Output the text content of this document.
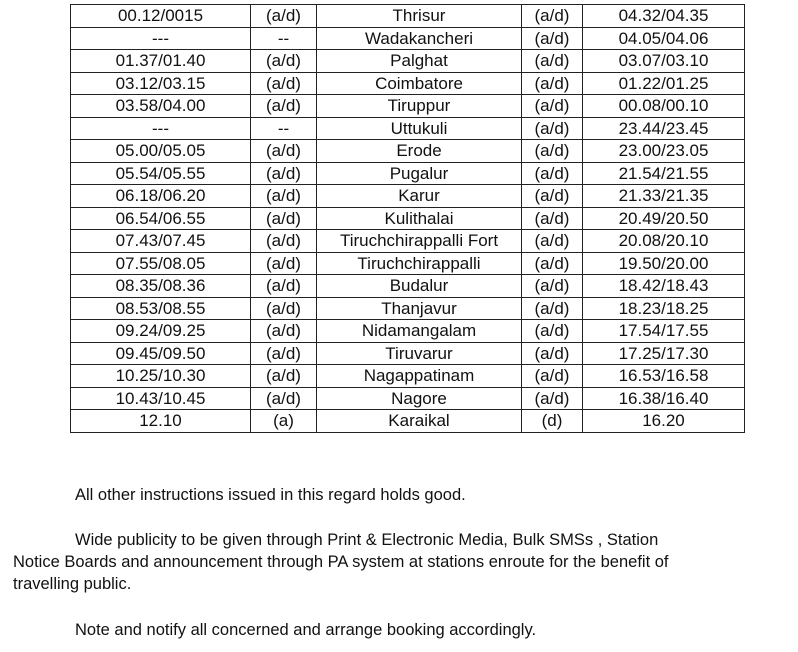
00.12/0015	(a/d)	Thrisur	(a/d)	04.32/04.35
---	--	Wadakancheri	(a/d)	04.05/04.06
01.37/01.40	(a/d)	Palghat	(a/d)	03.07/03.10
03.12/03.15	(a/d)	Coimbatore	(a/d)	01.22/01.25
03.58/04.00	(a/d)	Tiruppur	(a/d)	00.08/00.10
---	--	Uttukuli	(a/d)	23.44/23.45
05.00/05.05	(a/d)	Erode	(a/d)	23.00/23.05
05.54/05.55	(a/d)	Pugalur	(a/d)	21.54/21.55
06.18/06.20	(a/d)	Karur	(a/d)	21.33/21.35
06.54/06.55	(a/d)	Kulithalai	(a/d)	20.49/20.50
07.43/07.45	(a/d)	Tiruchchirappalli Fort	(a/d)	20.08/20.10
07.55/08.05	(a/d)	Tiruchchirappalli	(a/d)	19.50/20.00
08.35/08.36	(a/d)	Budalur	(a/d)	18.42/18.43
08.53/08.55	(a/d)	Thanjavur	(a/d)	18.23/18.25
09.24/09.25	(a/d)	Nidamangalam	(a/d)	17.54/17.55
09.45/09.50	(a/d)	Tiruvarur	(a/d)	17.25/17.30
10.25/10.30	(a/d)	Nagappatinam	(a/d)	16.53/16.58
10.43/10.45	(a/d)	Nagore	(a/d)	16.38/16.40
12.10	(a)	Karaikal	(d)	16.20

All other instructions issued in this regard holds good.

Wide publicity to be given through Print & Electronic Media, Bulk SMSs , Station
Notice Boards and announcement through PA system at stations enroute for the benefit of
travelling public.

Note and notify all concerned and arrange booking accordingly.
